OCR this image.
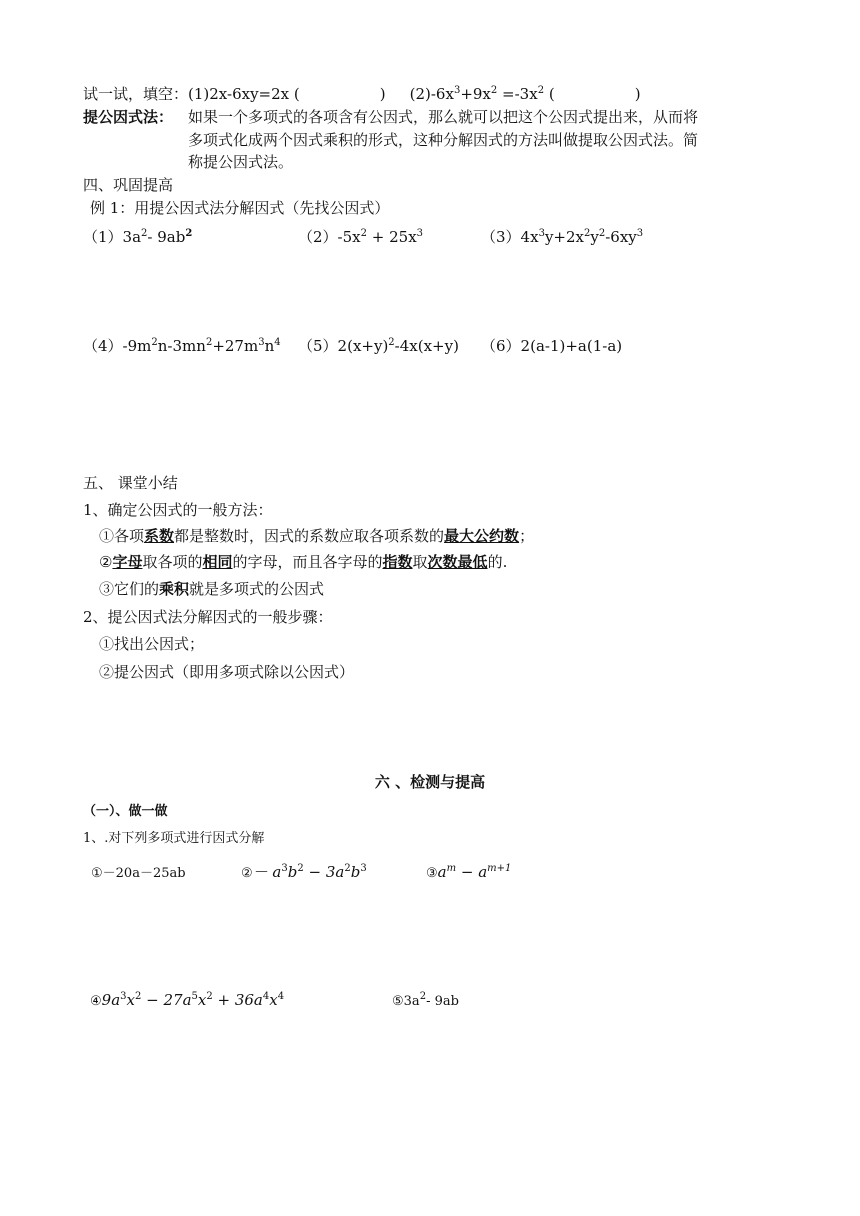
试一试，填空：(1)2x-6xy=2x (	) $(2)-6x^3+9x^2 =-3x^2$ (	)
提公因式法： 如果一个多项式的各项含有公因式，那么就可以把这个公因式提出来，从而将
多项式化成两个因式乘积的形式，这种分解因式的方法叫做提取公因式法。简
称提公因式法。
四、巩固提高
例 1：用提公因式法分解因式（先找公因式）
$(1)3a^2-$ $9ab^2$	$(2)-5x^2 + 25x^3$	$(3)4x^3y+2x^2y^2-6xy^3$
$(4)-9m^2n-3mn^2+27m^3n^4$ $(5)2(x+y)^2-4x(x+y)$ （6）2(a-1)+a(1-a)
五、 课堂小结
1、确定公因式的一般方法：
①各项系数都是整数时，因式的系数应取各项系数的最大公约数；
②字母取各项的相同的字母，而且各字母的指数取次数最低的.
③它们的乘积就是多项式的公因式
2、提公因式法分解因式的一般步骤：
①找出公因式；
②提公因式（即用多项式除以公因式）
六 、检测与提高
（一）、做一做
1、.对下列多项式进行因式分解
①－20a－25ab	②－ $a^3b^2 - 3a^2b^3$	$③a^m - a^{m+1}$
$④9a^3x^2 - 27a^5x^2 + 36a^4x^4$	$⑤3a^2-$ 9ab
